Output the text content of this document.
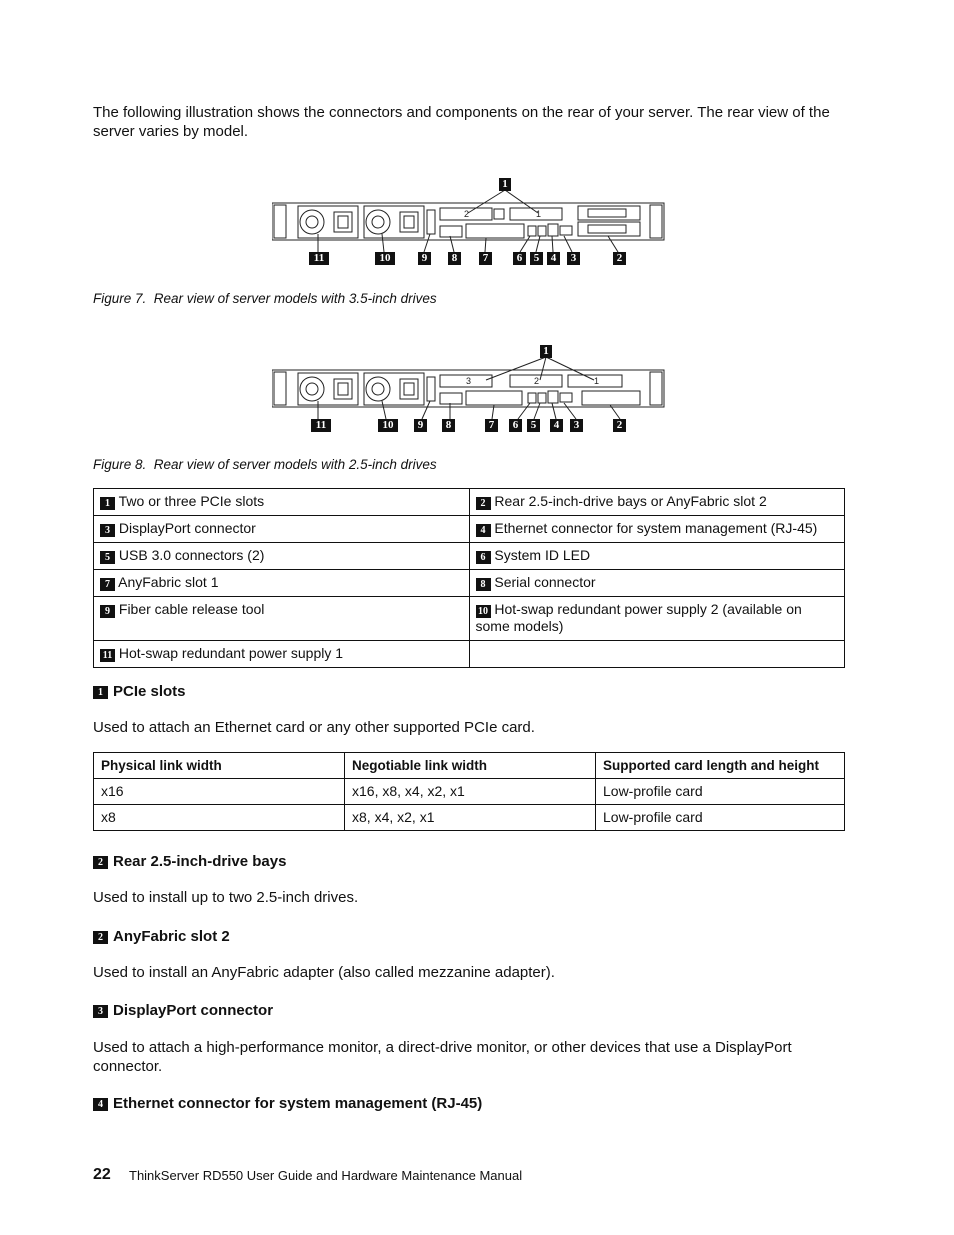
The following illustration shows the connectors and components on the rear of your server. The rear view of the server varies by model.
2	1
1
11	10	9	8	7	6	5	4	3	2
Figure 7. Rear view of server models with 3.5-inch drives
3	2	1
1
11	10	9	8	7	6	5	4	3	2
Figure 8. Rear view of server models with 2.5-inch drives
1 Two or three PCIe slots	2 Rear 2.5-inch-drive bays or AnyFabric slot 2
3 DisplayPort connector	4 Ethernet connector for system management (RJ-45)
5 USB 3.0 connectors (2)	6 System ID LED
7 AnyFabric slot 1	8 Serial connector
9 Fiber cable release tool	10 Hot-swap redundant power supply 2 (available on some models)
11 Hot-swap redundant power supply 1	
1 PCIe slots
Used to attach an Ethernet card or any other supported PCIe card.
Physical link width	Negotiable link width	Supported card length and height
x16	x16, x8, x4, x2, x1	Low-profile card
x8	x8, x4, x2, x1	Low-profile card
2 Rear 2.5-inch-drive bays
Used to install up to two 2.5-inch drives.
2 AnyFabric slot 2
Used to install an AnyFabric adapter (also called mezzanine adapter).
3 DisplayPort connector
Used to attach a high-performance monitor, a direct-drive monitor, or other devices that use a DisplayPort connector.
4 Ethernet connector for system management (RJ-45)
22 ThinkServer RD550 User Guide and Hardware Maintenance Manual
